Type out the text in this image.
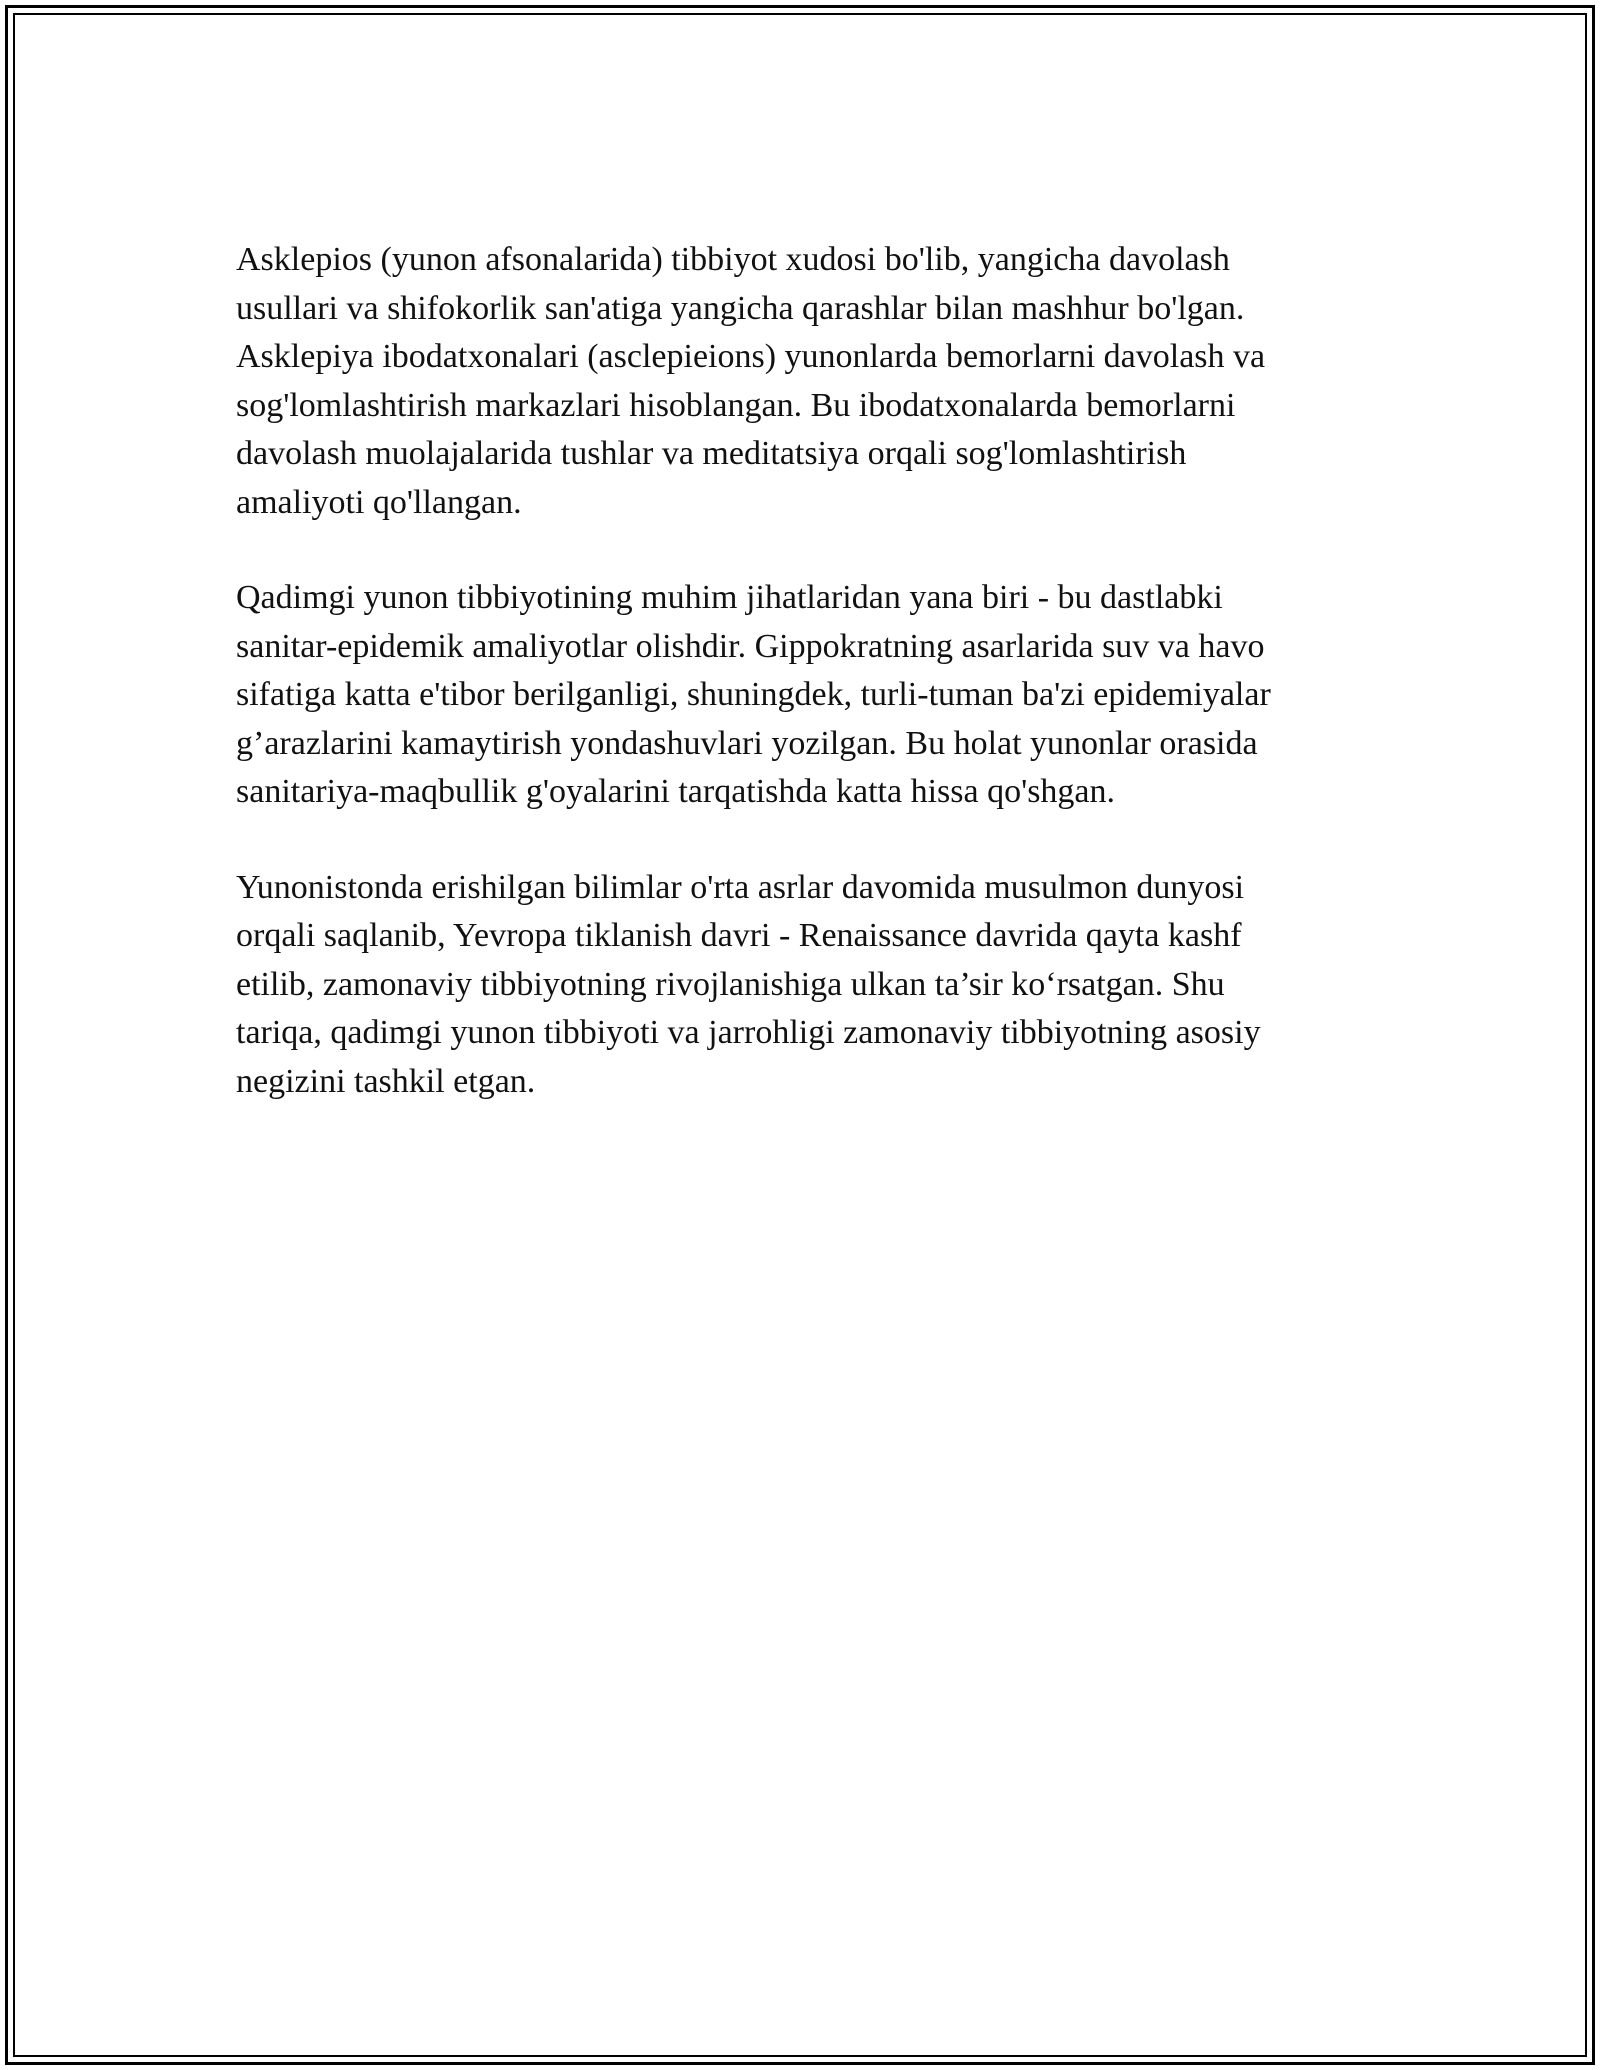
Asklepios (yunon afsonalarida) tibbiyot xudosi bo'lib, yangicha davolash
usullari va shifokorlik san'atiga yangicha qarashlar bilan mashhur bo'lgan.
Asklepiya ibodatxonalari (asclepieions) yunonlarda bemorlarni davolash va
sog'lomlashtirish markazlari hisoblangan. Bu ibodatxonalarda bemorlarni
davolash muolajalarida tushlar va meditatsiya orqali sog'lomlashtirish
amaliyoti qo'llangan.

Qadimgi yunon tibbiyotining muhim jihatlaridan yana biri - bu dastlabki
sanitar-epidemik amaliyotlar olishdir. Gippokratning asarlarida suv va havo
sifatiga katta e'tibor berilganligi, shuningdek, turli-tuman ba'zi epidemiyalar
g’arazlarini kamaytirish yondashuvlari yozilgan. Bu holat yunonlar orasida
sanitariya-maqbullik g'oyalarini tarqatishda katta hissa qo'shgan.

Yunonistonda erishilgan bilimlar o'rta asrlar davomida musulmon dunyosi
orqali saqlanib, Yevropa tiklanish davri - Renaissance davrida qayta kashf
etilib, zamonaviy tibbiyotning rivojlanishiga ulkan ta’sir ko‘rsatgan. Shu
tariqa, qadimgi yunon tibbiyoti va jarrohligi zamonaviy tibbiyotning asosiy
negizini tashkil etgan.
